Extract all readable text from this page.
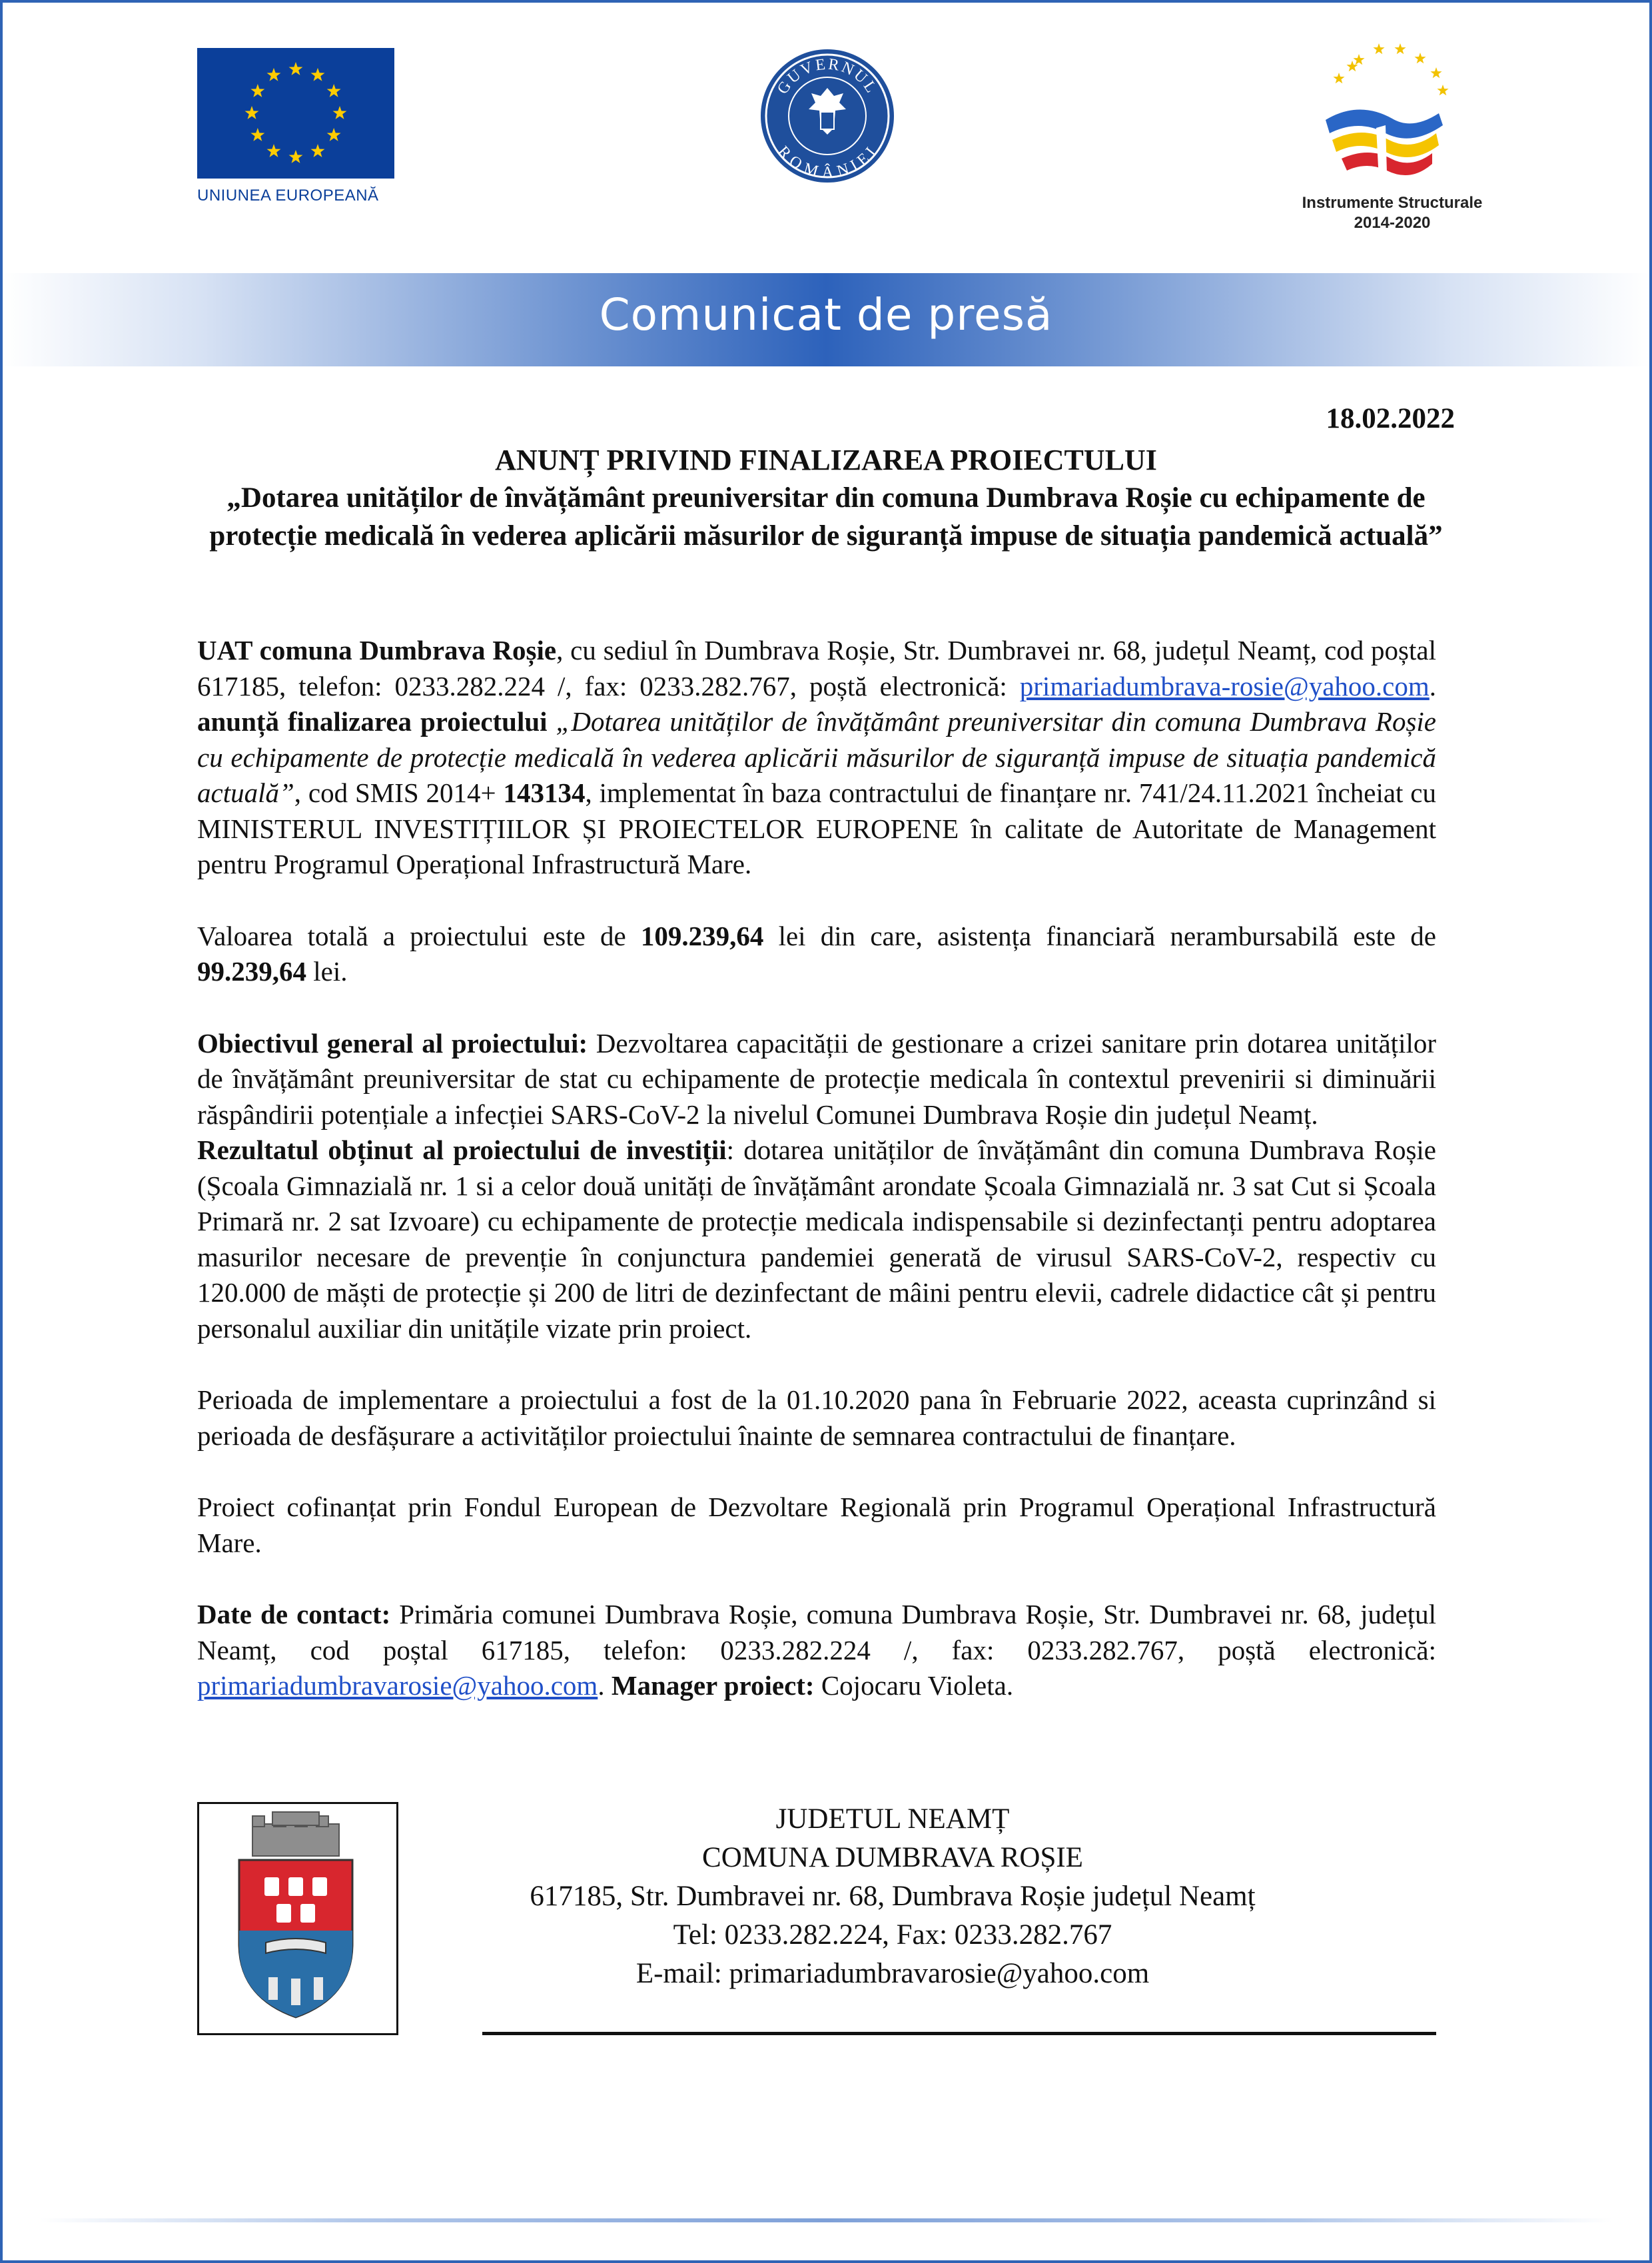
UNIUNEA EUROPEANĂ
GUVERNUL
ROMÂNIEI
Instrumente Structurale
2014-2020
Comunicat de presă
18.02.2022
ANUNȚ PRIVIND FINALIZAREA PROIECTULUI
„Dotarea unităților de învățământ preuniversitar din comuna Dumbrava Roșie cu echipamente de protecție medicală în vederea aplicării măsurilor de siguranță impuse de situația pandemică actuală”

UAT comuna Dumbrava Roșie, cu sediul în Dumbrava Roșie, Str. Dumbravei nr. 68, județul Neamț, cod poștal 617185, telefon: 0233.282.224 /, fax: 0233.282.767, poștă electronică: primariadumbrava-rosie@yahoo.com. anunță finalizarea proiectului „Dotarea unităților de învățământ preuniversitar din comuna Dumbrava Roșie cu echipamente de protecție medicală în vederea aplicării măsurilor de siguranță impuse de situația pandemică actuală”, cod SMIS 2014+ 143134, implementat în baza contractului de finanțare nr. 741/24.11.2021 încheiat cu MINISTERUL INVESTIȚIILOR ȘI PROIECTELOR EUROPENE în calitate de Autoritate de Management pentru Programul Operațional Infrastructură Mare.

Valoarea totală a proiectului este de 109.239,64 lei din care, asistența financiară nerambursabilă este de 99.239,64 lei.

Obiectivul general al proiectului: Dezvoltarea capacității de gestionare a crizei sanitare prin dotarea unităților de învățământ preuniversitar de stat cu echipamente de protecție medicala în contextul prevenirii si diminuării răspândirii potențiale a infecției SARS-CoV-2 la nivelul Comunei Dumbrava Roșie din județul Neamț.

Rezultatul obținut al proiectului de investiții: dotarea unităților de învățământ din comuna Dumbrava Roșie (Școala Gimnazială nr. 1 si a celor două unități de învățământ arondate Școala Gimnazială nr. 3 sat Cut si Școala Primară nr. 2 sat Izvoare) cu echipamente de protecție medicala indispensabile si dezinfectanți pentru adoptarea masurilor necesare de prevenție în conjunctura pandemiei generată de virusul SARS-CoV-2, respectiv cu 120.000 de măști de protecție și 200 de litri de dezinfectant de mâini pentru elevii, cadrele didactice cât și pentru personalul auxiliar din unitățile vizate prin proiect.

Perioada de implementare a proiectului a fost de la 01.10.2020 pana în Februarie 2022, aceasta cuprinzând si perioada de desfășurare a activităților proiectului înainte de semnarea contractului de finanțare.

Proiect cofinanțat prin Fondul European de Dezvoltare Regională prin Programul Operațional Infrastructură Mare.

Date de contact: Primăria comunei Dumbrava Roșie, comuna Dumbrava Roșie, Str. Dumbravei nr. 68, județul Neamț, cod poștal 617185, telefon: 0233.282.224 /, fax: 0233.282.767, poștă electronică: primariadumbravarosie@yahoo.com. Manager proiect: Cojocaru Violeta.

JUDETUL NEAMȚ
COMUNA DUMBRAVA ROȘIE
617185, Str. Dumbravei nr. 68, Dumbrava Roșie județul Neamț
Tel: 0233.282.224, Fax: 0233.282.767
E-mail: primariadumbravarosie@yahoo.com
